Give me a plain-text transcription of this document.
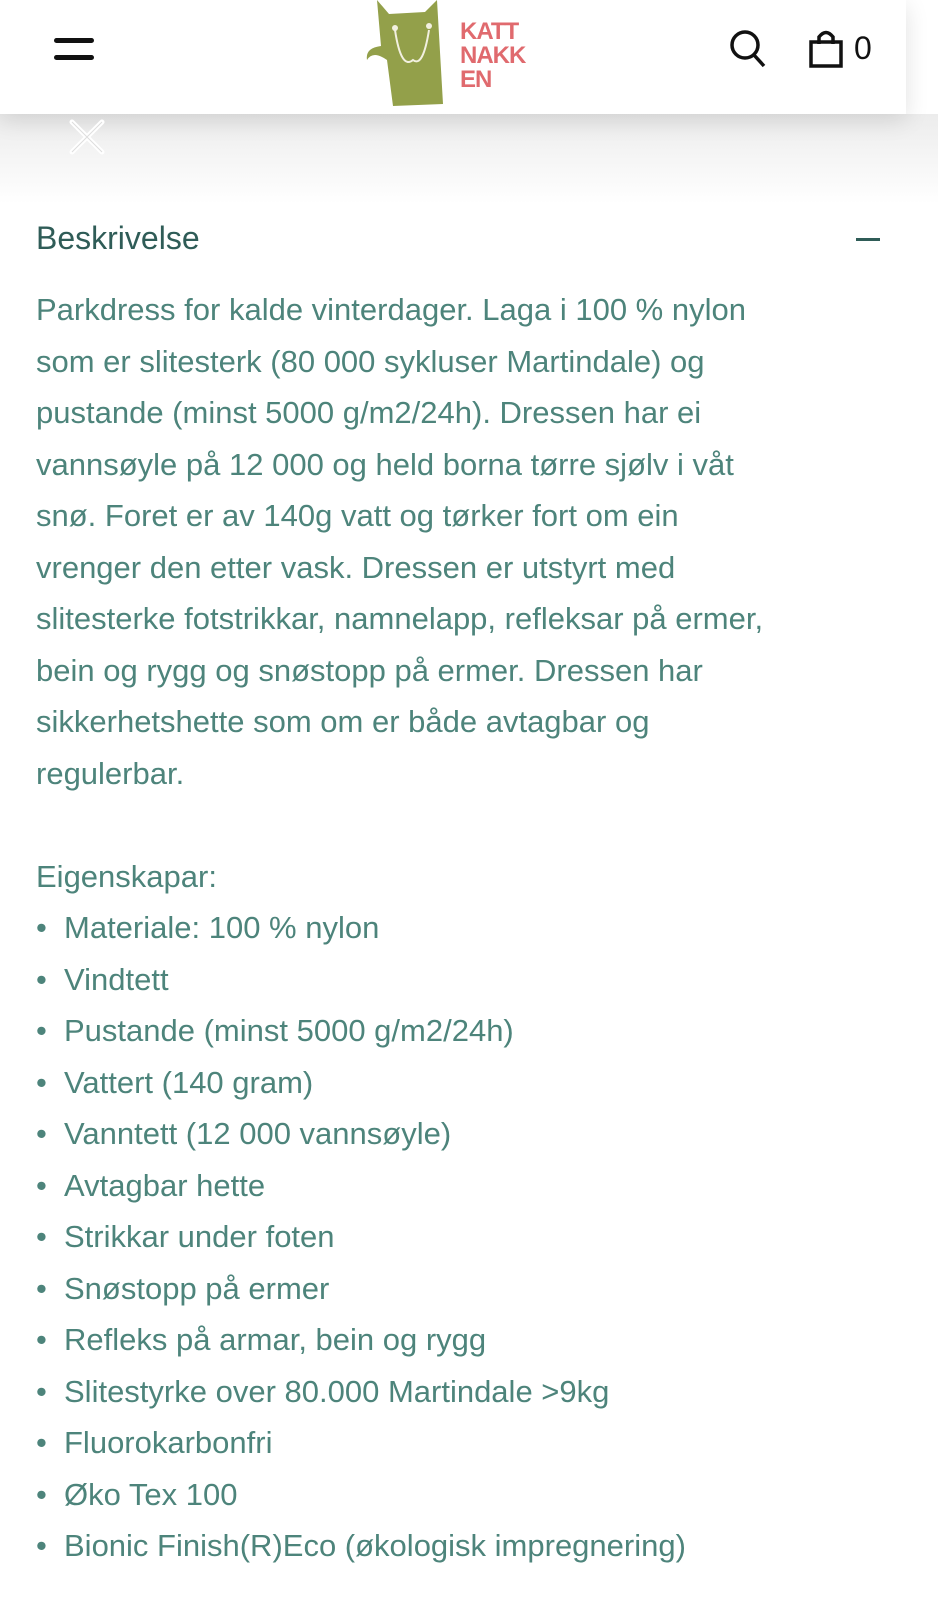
KATT
NAKK
EN
0
Beskrivelse
Parkdress for kalde vinterdager. Laga i 100 % nylon
som er slitesterk (80 000 sykluser Martindale) og
pustande (minst 5000 g/m2/24h). Dressen har ei
vannsøyle på 12 000 og held borna tørre sjølv i våt
snø. Foret er av 140g vatt og tørker fort om ein
vrenger den etter vask. Dressen er utstyrt med
slitesterke fotstrikkar, namnelapp, refleksar på ermer,
bein og rygg og snøstopp på ermer. Dressen har
sikkerhetshette som om er både avtagbar og
regulerbar.
Eigenskapar:
• Materiale: 100 % nylon
• Vindtett
• Pustande (minst 5000 g/m2/24h)
• Vattert (140 gram)
• Vanntett (12 000 vannsøyle)
• Avtagbar hette
• Strikkar under foten
• Snøstopp på ermer
• Refleks på armar, bein og rygg
• Slitestyrke over 80.000 Martindale >9kg
• Fluorokarbonfri
• Øko Tex 100
• Bionic Finish(R)Eco (økologisk impregnering)
